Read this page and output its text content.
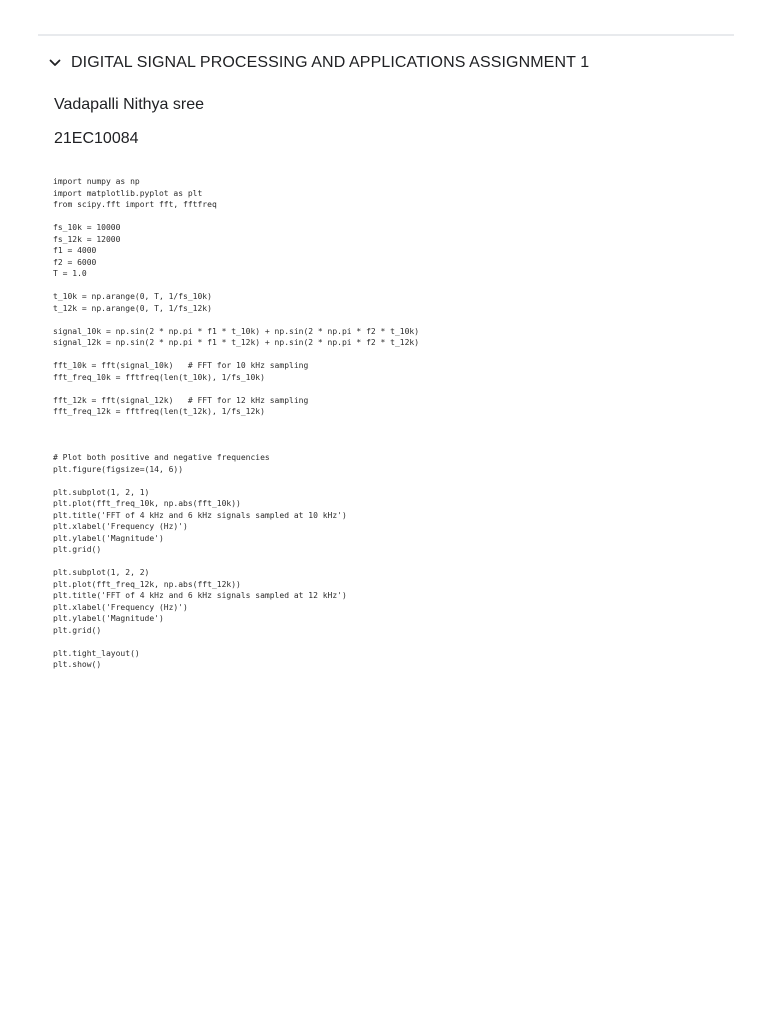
DIGITAL SIGNAL PROCESSING AND APPLICATIONS ASSIGNMENT 1
Vadapalli Nithya sree
21EC10084
import numpy as np
import matplotlib.pyplot as plt
from scipy.fft import fft, fftfreq
fs_10k = 10000
fs_12k = 12000
f1 = 4000
f2 = 6000
T = 1.0
t_10k = np.arange(0, T, 1/fs_10k)
t_12k = np.arange(0, T, 1/fs_12k)
signal_10k = np.sin(2 * np.pi * f1 * t_10k) + np.sin(2 * np.pi * f2 * t_10k)
signal_12k = np.sin(2 * np.pi * f1 * t_12k) + np.sin(2 * np.pi * f2 * t_12k)
fft_10k = fft(signal_10k)   # FFT for 10 kHz sampling
fft_freq_10k = fftfreq(len(t_10k), 1/fs_10k)
fft_12k = fft(signal_12k)   # FFT for 12 kHz sampling
fft_freq_12k = fftfreq(len(t_12k), 1/fs_12k)
# Plot both positive and negative frequencies
plt.figure(figsize=(14, 6))
plt.subplot(1, 2, 1)
plt.plot(fft_freq_10k, np.abs(fft_10k))
plt.title('FFT of 4 kHz and 6 kHz signals sampled at 10 kHz')
plt.xlabel('Frequency (Hz)')
plt.ylabel('Magnitude')
plt.grid()
plt.subplot(1, 2, 2)
plt.plot(fft_freq_12k, np.abs(fft_12k))
plt.title('FFT of 4 kHz and 6 kHz signals sampled at 12 kHz')
plt.xlabel('Frequency (Hz)')
plt.ylabel('Magnitude')
plt.grid()
plt.tight_layout()
plt.show()
